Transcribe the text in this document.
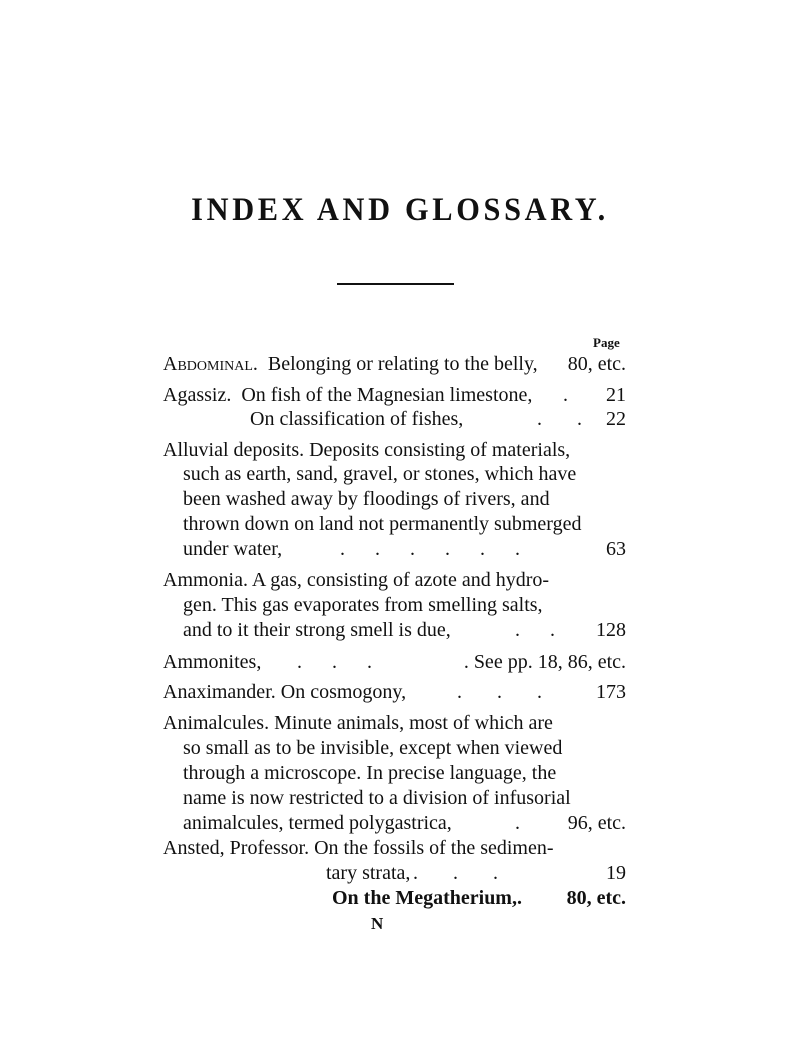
INDEX AND GLOSSARY.
Page
Abdominal. Belonging or relating to the belly,	80, etc.
Agassiz. On fish of the Magnesian limestone, .	21
On classification of fishes,	.       .	22
Alluvial deposits. Deposits consisting of materials,
such as earth, sand, gravel, or stones, which have
been washed away by floodings of rivers, and
thrown down on land not permanently submerged
under water,	.      .      .      .      .      .	63
Ammonia. A gas, consisting of azote and hydro-
gen. This gas evaporates from smelling salts,
and to it their strong smell is due,	.      .	128
Ammonites, .      .      .	. See pp. 18, 86, etc.
Anaximander. On cosmogony,	.       .       .	173
Animalcules. Minute animals, most of which are
so small as to be invisible, except when viewed
through a microscope. In precise language, the
name is now restricted to a division of infusorial
animalcules, termed polygastrica,	.	96, etc.
Ansted, Professor. On the fossils of the sedimen-
tary strata, .       .       .	19
On the Megatherium, .	80, etc.
N
